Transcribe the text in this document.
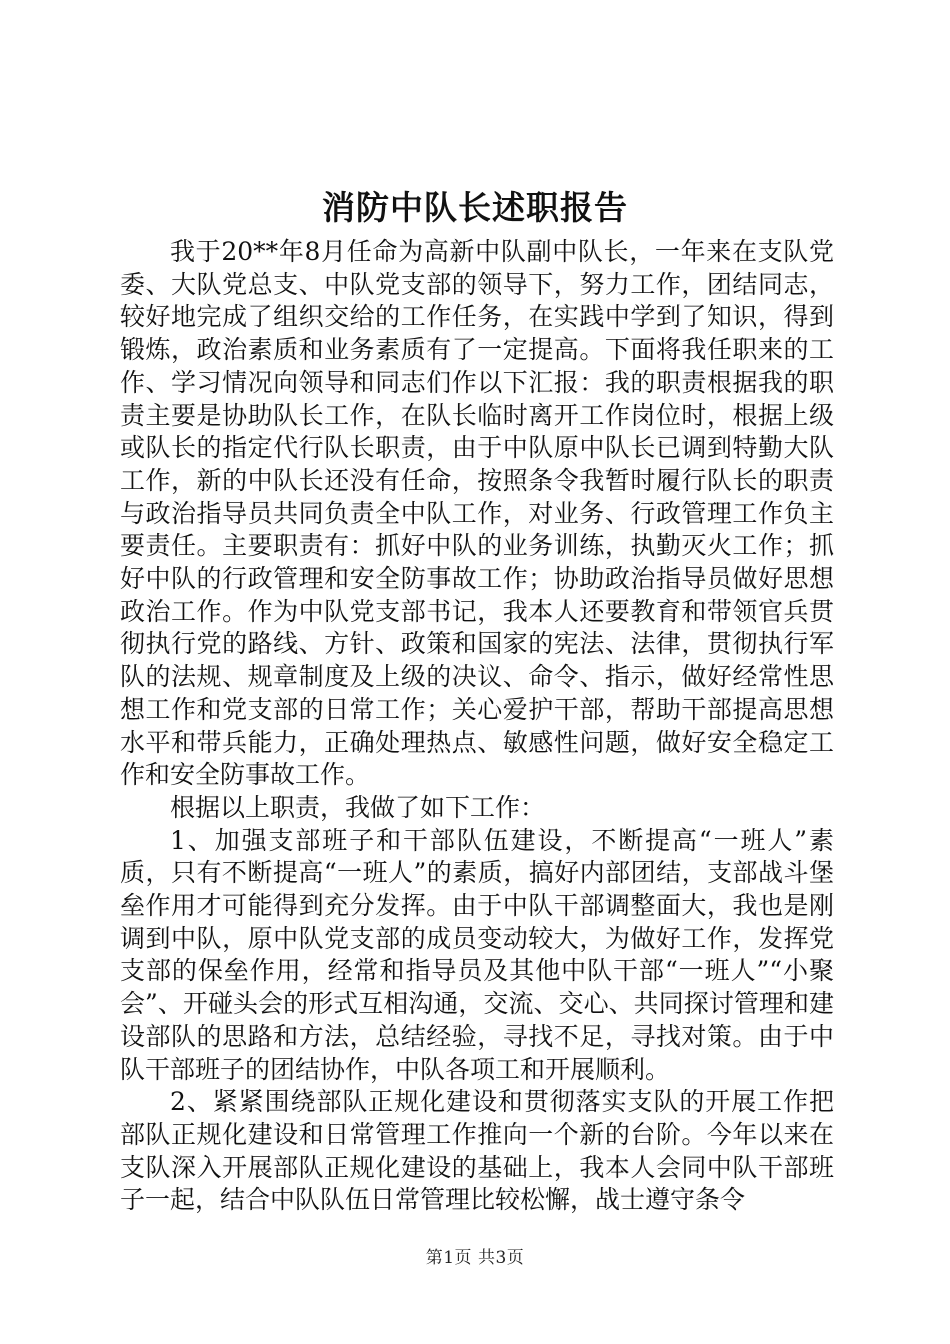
消防中队长述职报告

我于20**年8月任命为高新中队副中队长，一年来在支队党委、大队党总支、中队党支部的领导下，努力工作，团结同志，较好地完成了组织交给的工作任务，在实践中学到了知识，得到锻炼，政治素质和业务素质有了一定提高。下面将我任职来的工作、学习情况向领导和同志们作以下汇报：我的职责根据我的职责主要是协助队长工作，在队长临时离开工作岗位时，根据上级或队长的指定代行队长职责，由于中队原中队长已调到特勤大队工作，新的中队长还没有任命，按照条令我暂时履行队长的职责与政治指导员共同负责全中队工作，对业务、行政管理工作负主要责任。主要职责有：抓好中队的业务训练，执勤灭火工作；抓好中队的行政管理和安全防事故工作；协助政治指导员做好思想政治工作。作为中队党支部书记，我本人还要教育和带领官兵贯彻执行党的路线、方针、政策和国家的宪法、法律，贯彻执行军队的法规、规章制度及上级的决议、命令、指示，做好经常性思想工作和党支部的日常工作；关心爱护干部，帮助干部提高思想水平和带兵能力，正确处理热点、敏感性问题，做好安全稳定工作和安全防事故工作。

根据以上职责，我做了如下工作：

1、加强支部班子和干部队伍建设，不断提高“一班人”素质，只有不断提高“一班人”的素质，搞好内部团结，支部战斗堡垒作用才可能得到充分发挥。由于中队干部调整面大，我也是刚调到中队，原中队党支部的成员变动较大，为做好工作，发挥党支部的保垒作用，经常和指导员及其他中队干部“一班人”“小聚会”、开碰头会的形式互相沟通，交流、交心、共同探讨管理和建设部队的思路和方法，总结经验，寻找不足，寻找对策。由于中队干部班子的团结协作，中队各项工和开展顺利。

2、紧紧围绕部队正规化建设和贯彻落实支队的开展工作把部队正规化建设和日常管理工作推向一个新的台阶。今年以来在支队深入开展部队正规化建设的基础上，我本人会同中队干部班子一起，结合中队队伍日常管理比较松懈，战士遵守条令

第1页 共3页
